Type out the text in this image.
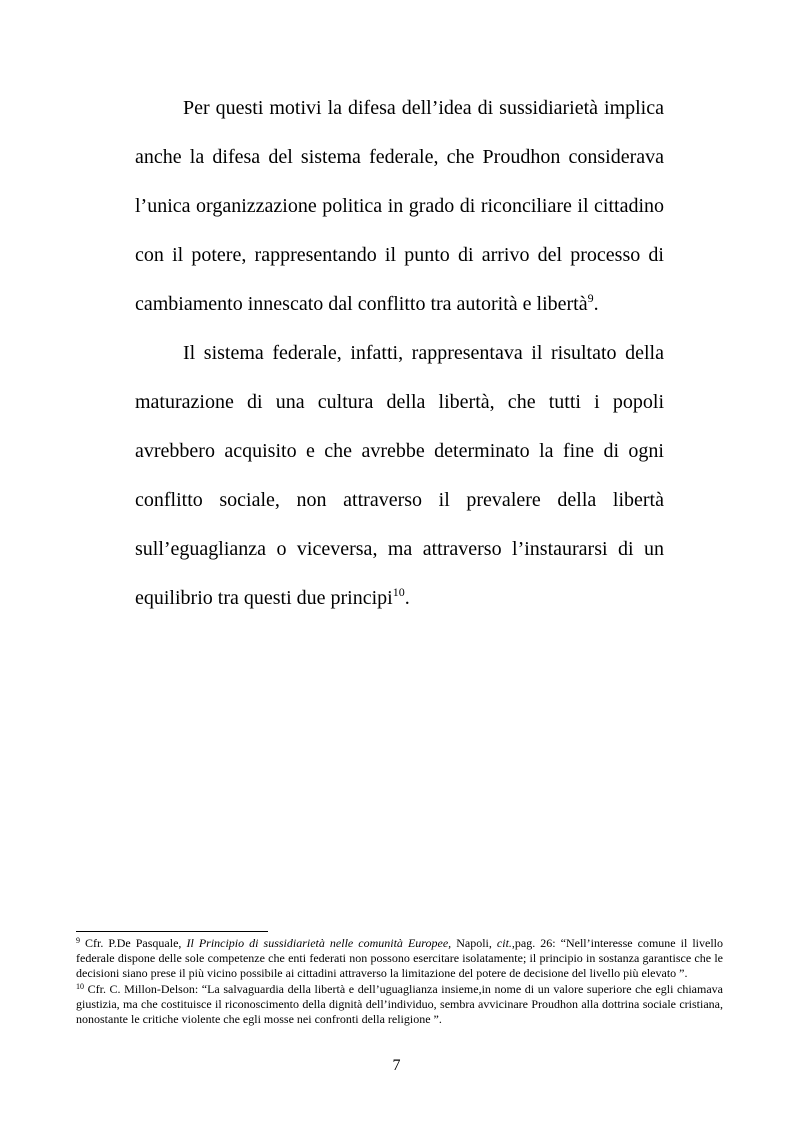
Per questi motivi la difesa dell’idea di sussidiarietà implica anche la difesa del sistema federale, che Proudhon considerava l’unica organizzazione politica in grado di riconciliare il cittadino con il potere, rappresentando il punto di arrivo del processo di cambiamento innescato dal conflitto tra autorità e libertà$^9$.

Il sistema federale, infatti, rappresentava il risultato della maturazione di una cultura della libertà, che tutti i popoli avrebbero acquisito e che avrebbe determinato la fine di ogni conflitto sociale, non attraverso il prevalere della libertà sull’eguaglianza o viceversa, ma attraverso l’instaurarsi di un equilibrio tra questi due principi$^{10}$.

$^9$ Cfr. P.De Pasquale, Il Principio di sussidiarietà nelle comunità Europee, Napoli, cit.,pag. 26: “Nell’interesse comune il livello federale dispone delle sole competenze che enti federati non possono esercitare isolatamente; il principio in sostanza garantisce che le decisioni siano prese il più vicino possibile ai cittadini attraverso la limitazione del potere de decisione del livello più elevato ”.

$^{10}$ Cfr. C. Millon-Delson: “La salvaguardia della libertà e dell’uguaglianza insieme,in nome di un valore superiore che egli chiamava giustizia, ma che costituisce il riconoscimento della dignità dell’individuo, sembra avvicinare Proudhon alla dottrina sociale cristiana, nonostante le critiche violente che egli mosse nei confronti della religione ”.

7
